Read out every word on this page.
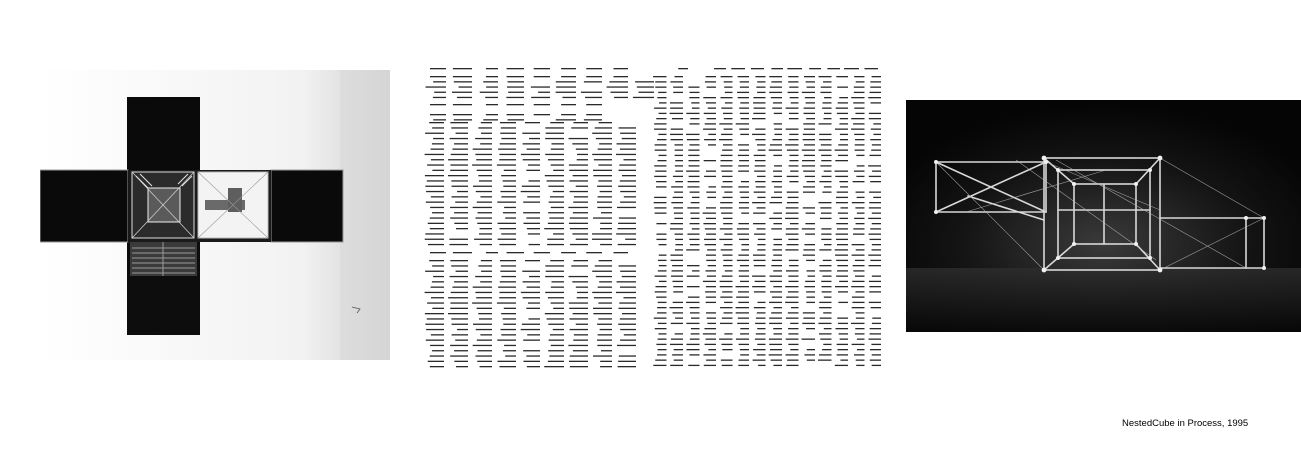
NestedCube in Process, 1995
